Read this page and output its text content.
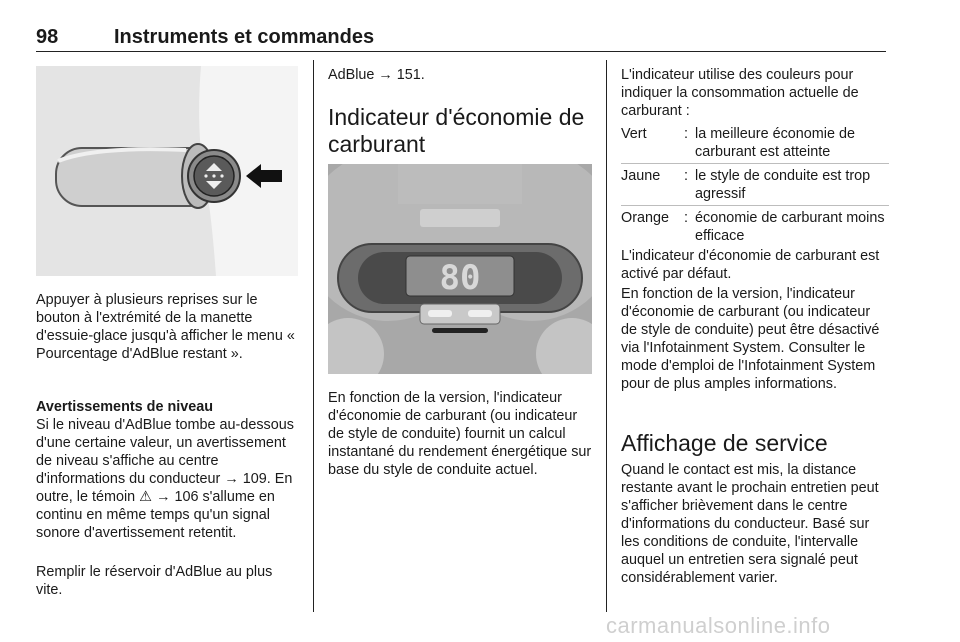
98	Instruments et commandes

Appuyer à plusieurs reprises sur le bouton à l'extrémité de la manette d'essuie-glace jusqu'à afficher le menu « Pourcentage d'AdBlue restant ».

Avertissements de niveau

Si le niveau d'AdBlue tombe au-dessous d'une certaine valeur, un avertissement de niveau s'affiche au centre d'informations du conducteur → 109. En outre, le témoin ⚠ → 106 s'allume en continu en même temps qu'un signal sonore d'avertissement retentit.

Remplir le réservoir d'AdBlue au plus vite.

AdBlue → 151.

Indicateur d'économie de carburant
80

En fonction de la version, l'indicateur d'économie de carburant (ou indicateur de style de conduite) fournit un calcul instantané du rendement énergétique sur base du style de conduite actuel.

L'indicateur utilise des couleurs pour indiquer la consommation actuelle de carburant :

Vert	: la meilleure économie de carburant est atteinte
Jaune	: le style de conduite est trop agressif
Orange	: économie de carburant moins efficace

L'indicateur d'économie de carburant est activé par défaut.

En fonction de la version, l'indicateur d'économie de carburant (ou indicateur de style de conduite) peut être désactivé via l'Infotainment System. Consulter le mode d'emploi de l'Infotainment System pour de plus amples informations.

Affichage de service

Quand le contact est mis, la distance restante avant le prochain entretien peut s'afficher brièvement dans le centre d'informations du conducteur. Basé sur les conditions de conduite, l'intervalle auquel un entretien sera signalé peut considérablement varier.

carmanualsonline.info
